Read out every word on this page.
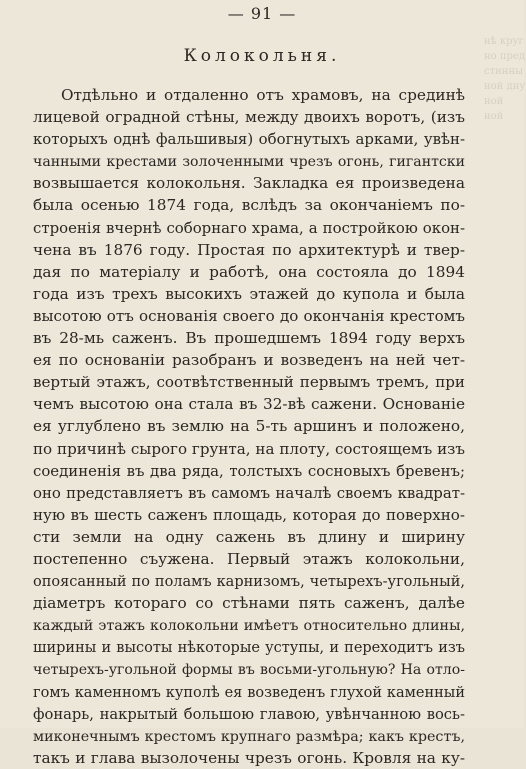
нѣ круг
но пред
стинны
ной дну
ной
ной
— 91 —
Колокольня.
Отдѣльно и отдаленно отъ храмовъ, на срединѣ
лицевой оградной стѣны, между двоихъ воротъ, (изъ
которыхъ однѣ фальшивыя) обогнутыхъ арками, увѣн-
чанными крестами золоченными чрезъ огонь, гигантски
возвышается колокольня. Закладка ея произведена
была осенью 1874 года, вслѣдъ за окончаніемъ по-
строенія вчернѣ соборнаго храма, а постройкою окон-
чена въ 1876 году. Простая по архитектурѣ и твер-
дая по матеріалу и работѣ, она состояла до 1894
года изъ трехъ высокихъ этажей до купола и была
высотою отъ основанія своего до окончанія крестомъ
въ 28-мь саженъ. Въ прошедшемъ 1894 году верхъ
ея по основаніи разобранъ и возведенъ на ней чет-
вертый этажъ, соотвѣтственный первымъ тремъ, при
чемъ высотою она стала въ 32-вѣ сажени. Основаніе
ея углублено въ землю на 5-ть аршинъ и положено,
по причинѣ сырого грунта, на плоту, состоящемъ изъ
соединенія въ два ряда, толстыхъ сосновыхъ бревенъ;
оно представляетъ въ самомъ началѣ своемъ квадрат-
ную въ шесть саженъ площадь, которая до поверхно-
сти земли на одну сажень въ длину и ширину
постепенно съужена. Первый этажъ колокольни,
опоясанный по поламъ карнизомъ, четырехъ-угольный,
діаметръ котораго со стѣнами пять саженъ, далѣе
каждый этажъ колокольни имѣетъ относительно длины,
ширины и высоты нѣкоторые уступы, и переходитъ изъ
четырехъ-угольной формы въ восьми-угольную? На отло-
гомъ каменномъ куполѣ ея возведенъ глухой каменный
фонарь, накрытый большою главою, увѣнчанною вось-
миконечнымъ крестомъ крупнаго размѣра; какъ крестъ,
такъ и глава вызолочены чрезъ огонь. Кровля на ку-
